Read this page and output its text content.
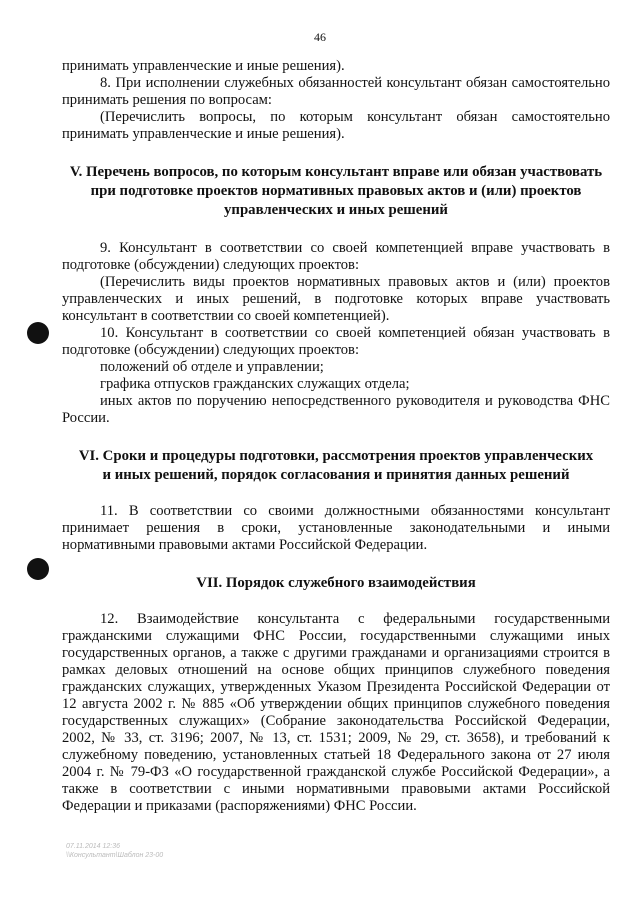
46

принимать управленческие и иные решения).

8. При исполнении служебных обязанностей консультант обязан самостоятельно принимать решения по вопросам:

(Перечислить вопросы, по которым консультант обязан самостоятельно принимать управленческие и иные решения).

V. Перечень вопросов, по которым консультант вправе или обязан участвовать

при подготовке проектов нормативных правовых актов и (или) проектов

управленческих и иных решений

9. Консультант в соответствии со своей компетенцией вправе участвовать в подготовке (обсуждении) следующих проектов:

(Перечислить виды проектов нормативных правовых актов и (или) проектов управленческих и иных решений, в подготовке которых вправе участвовать консультант в соответствии со своей компетенцией).

10. Консультант в соответствии со своей компетенцией обязан участвовать в подготовке (обсуждении) следующих проектов:

положений об отделе и управлении;

графика отпусков гражданских служащих отдела;

иных актов по поручению непосредственного руководителя и руководства ФНС России.

VI. Сроки и процедуры подготовки, рассмотрения проектов управленческих

и иных решений, порядок согласования и принятия данных решений

11. В соответствии со своими должностными обязанностями консультант принимает решения в сроки, установленные законодательными и иными нормативными правовыми актами Российской Федерации.

VII. Порядок служебного взаимодействия

12. Взаимодействие консультанта с федеральными государственными гражданскими служащими ФНС России, государственными служащими иных государственных органов, а также с другими гражданами и организациями строится в рамках деловых отношений на основе общих принципов служебного поведения гражданских служащих, утвержденных Указом Президента Российской Федерации от 12 августа 2002 г. № 885 «Об утверждении общих принципов служебного поведения государственных служащих» (Собрание законодательства Российской Федерации, 2002, № 33, ст. 3196; 2007, № 13, ст. 1531; 2009, № 29, ст. 3658), и требований к служебному поведению, установленных статьей 18 Федерального закона от 27 июля 2004 г. № 79-ФЗ «О государственной гражданской службе Российской Федерации», а также в соответствии с иными нормативными правовыми актами Российской Федерации и приказами (распоряжениями) ФНС России.

07.11.2014 12:36
\\Консультант\Шаблон 23-00
